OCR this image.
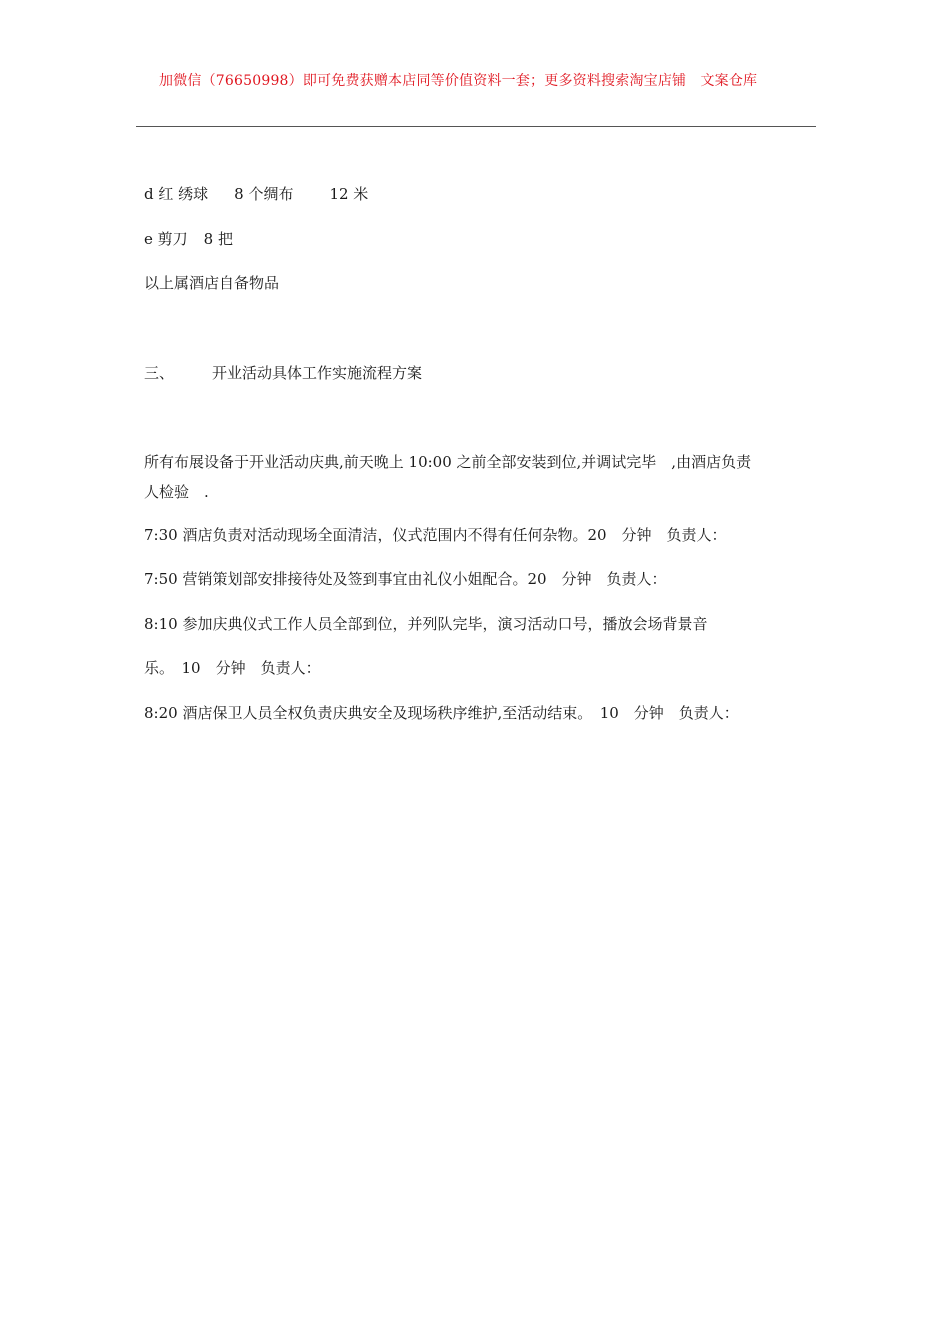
加微信（76650998）即可免费获赠本店同等价值资料一套；更多资料搜索淘宝店铺　文案仓库
d 红 绣球 8 个绸布 12 米
e 剪刀 8 把
以上属酒店自备物品
三、	开业活动具体工作实施流程方案
所有布展设备于开业活动庆典,前天晚上 10:00 之前全部安装到位,并调试完毕　,由酒店负责
人检验　.
7:30 酒店负责对活动现场全面清洁，仪式范围内不得有任何杂物。20　分钟　负责人：
7:50 营销策划部安排接待处及签到事宜由礼仪小姐配合。20　分钟　负责人：
8:10 参加庆典仪式工作人员全部到位，并列队完毕，演习活动口号，播放会场背景音
乐。　10　分钟　负责人：
8:20 酒店保卫人员全权负责庆典安全及现场秩序维护,至活动结束。　10　分钟　负责人：
